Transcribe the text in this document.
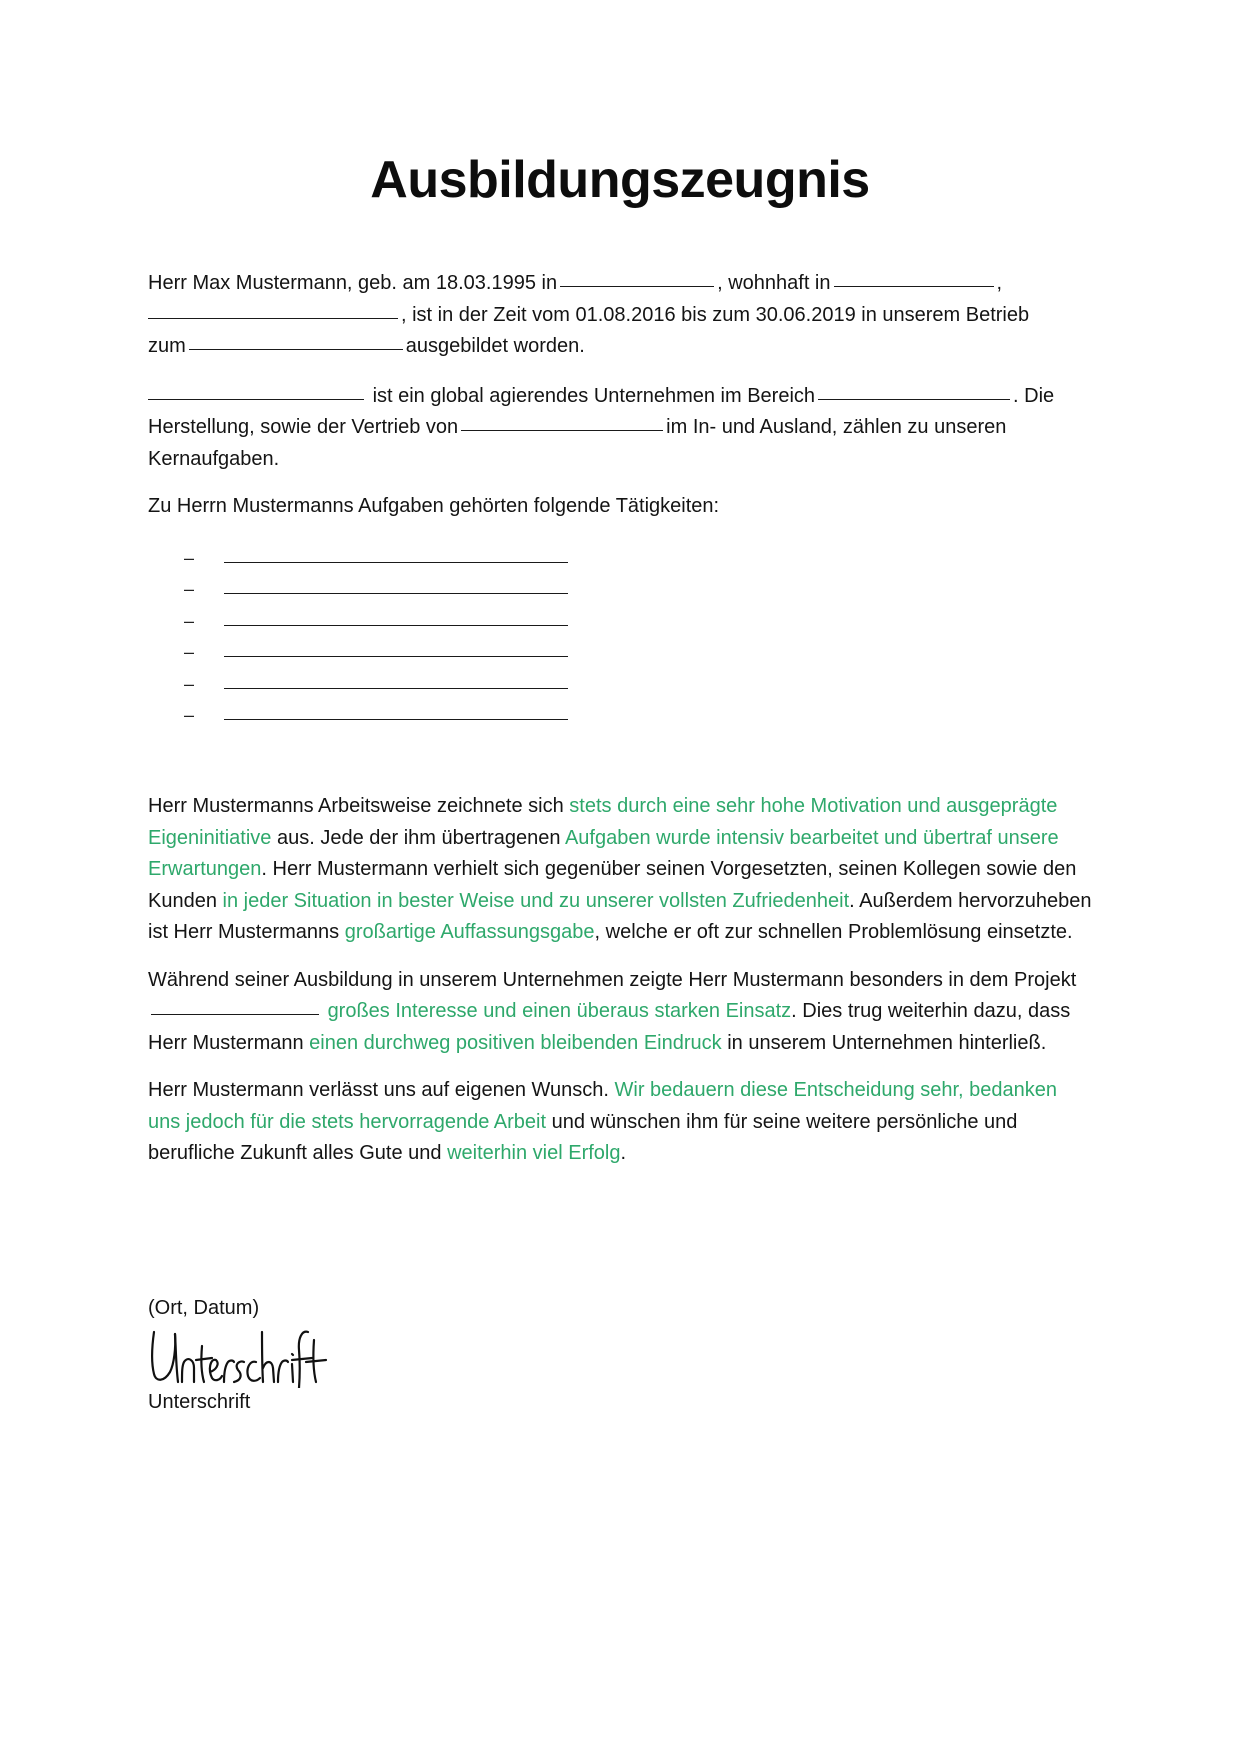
Ausbildungszeugnis

Herr Max Mustermann, geb. am 18.03.1995 in	, wohnhaft in	,
, ist in der Zeit vom 01.08.2016 bis zum 30.06.2019 in unserem Betrieb
zum	ausgebildet worden.

ist ein global agierendes Unternehmen im Bereich	. Die
Herstellung, sowie der Vertrieb von	im In- und Ausland, zählen zu unseren
Kernaufgaben.

Zu Herrn Mustermanns Aufgaben gehörten folgende Tätigkeiten:

–
–
–
–
–
–

Herr Mustermanns Arbeitsweise zeichnete sich stets durch eine sehr hohe Motivation und ausgeprägte Eigeninitiative aus. Jede der ihm übertragenen Aufgaben wurde intensiv bearbeitet und übertraf unsere Erwartungen. Herr Mustermann verhielt sich gegenüber seinen Vorgesetzten, seinen Kollegen sowie den Kunden in jeder Situation in bester Weise und zu unserer vollsten Zufriedenheit. Außerdem hervorzuheben ist Herr Mustermanns großartige Auffassungsgabe, welche er oft zur schnellen Problemlösung einsetzte.

Während seiner Ausbildung in unserem Unternehmen zeigte Herr Mustermann besonders in dem Projekt großes Interesse und einen überaus starken Einsatz. Dies trug weiterhin dazu, dass Herr Mustermann einen durchweg positiven bleibenden Eindruck in unserem Unternehmen hinterließ.

Herr Mustermann verlässt uns auf eigenen Wunsch. Wir bedauern diese Entscheidung sehr, bedanken uns jedoch für die stets hervorragende Arbeit und wünschen ihm für seine weitere persönliche und berufliche Zukunft alles Gute und weiterhin viel Erfolg.

(Ort, Datum)
Unterschrift
